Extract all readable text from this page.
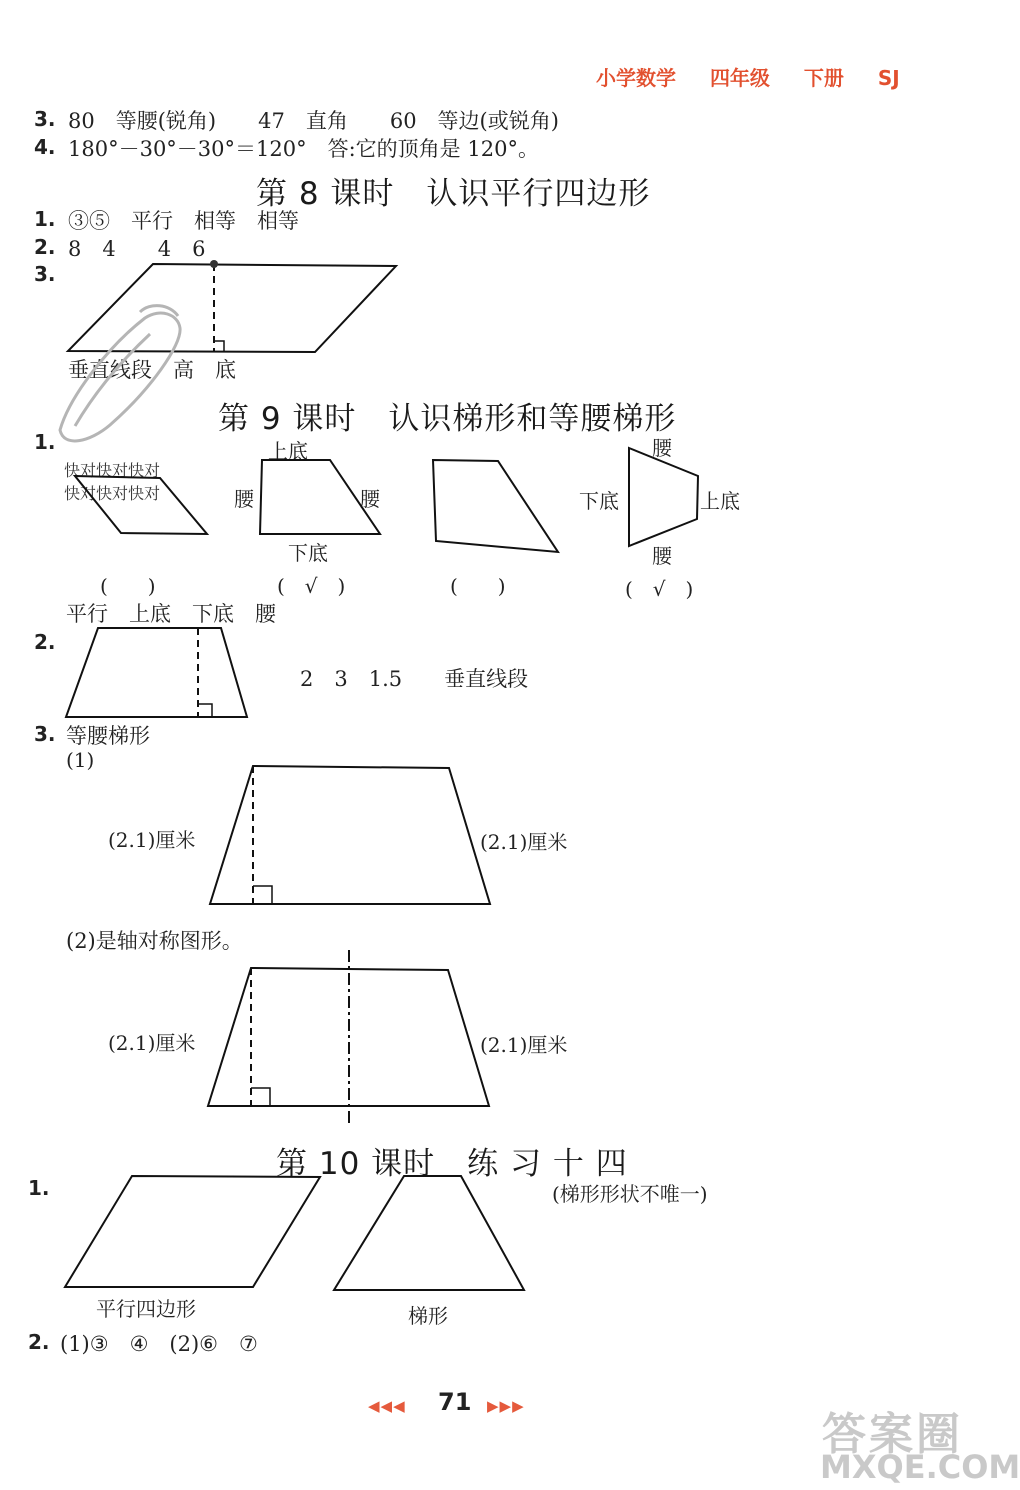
小学数学 四年级 下册 SJ
3. 80　等腰(锐角)　　47　直角　　60　等边(或锐角)
4. 180°－30°－30°＝120°　答:它的顶角是 120°。
第 8 课时　认识平行四边形
1. ③⑤　平行　相等　相等
2. 8　4　　4　6
3.
垂直线段　高　底
第 9 课时　认识梯形和等腰梯形
1.
快对快对快对
快对快对快对
上底
腰	腰
下底
腰
下底	上底
腰
(　　)	(　√　)	(　　)	(　√　)
平行　上底　下底　腰
2.
2　3　1.5　　垂直线段
3. 等腰梯形
(1)
(2.1)厘米	(2.1)厘米
(2)是轴对称图形。
(2.1)厘米	(2.1)厘米
第 10 课时　练 习 十 四
1.	(梯形形状不唯一)
平行四边形	梯形
2. (1)③　④　(2)⑥　⑦
◀◀◀ 71 ▶▶▶
答案圈
MXQE.COM
